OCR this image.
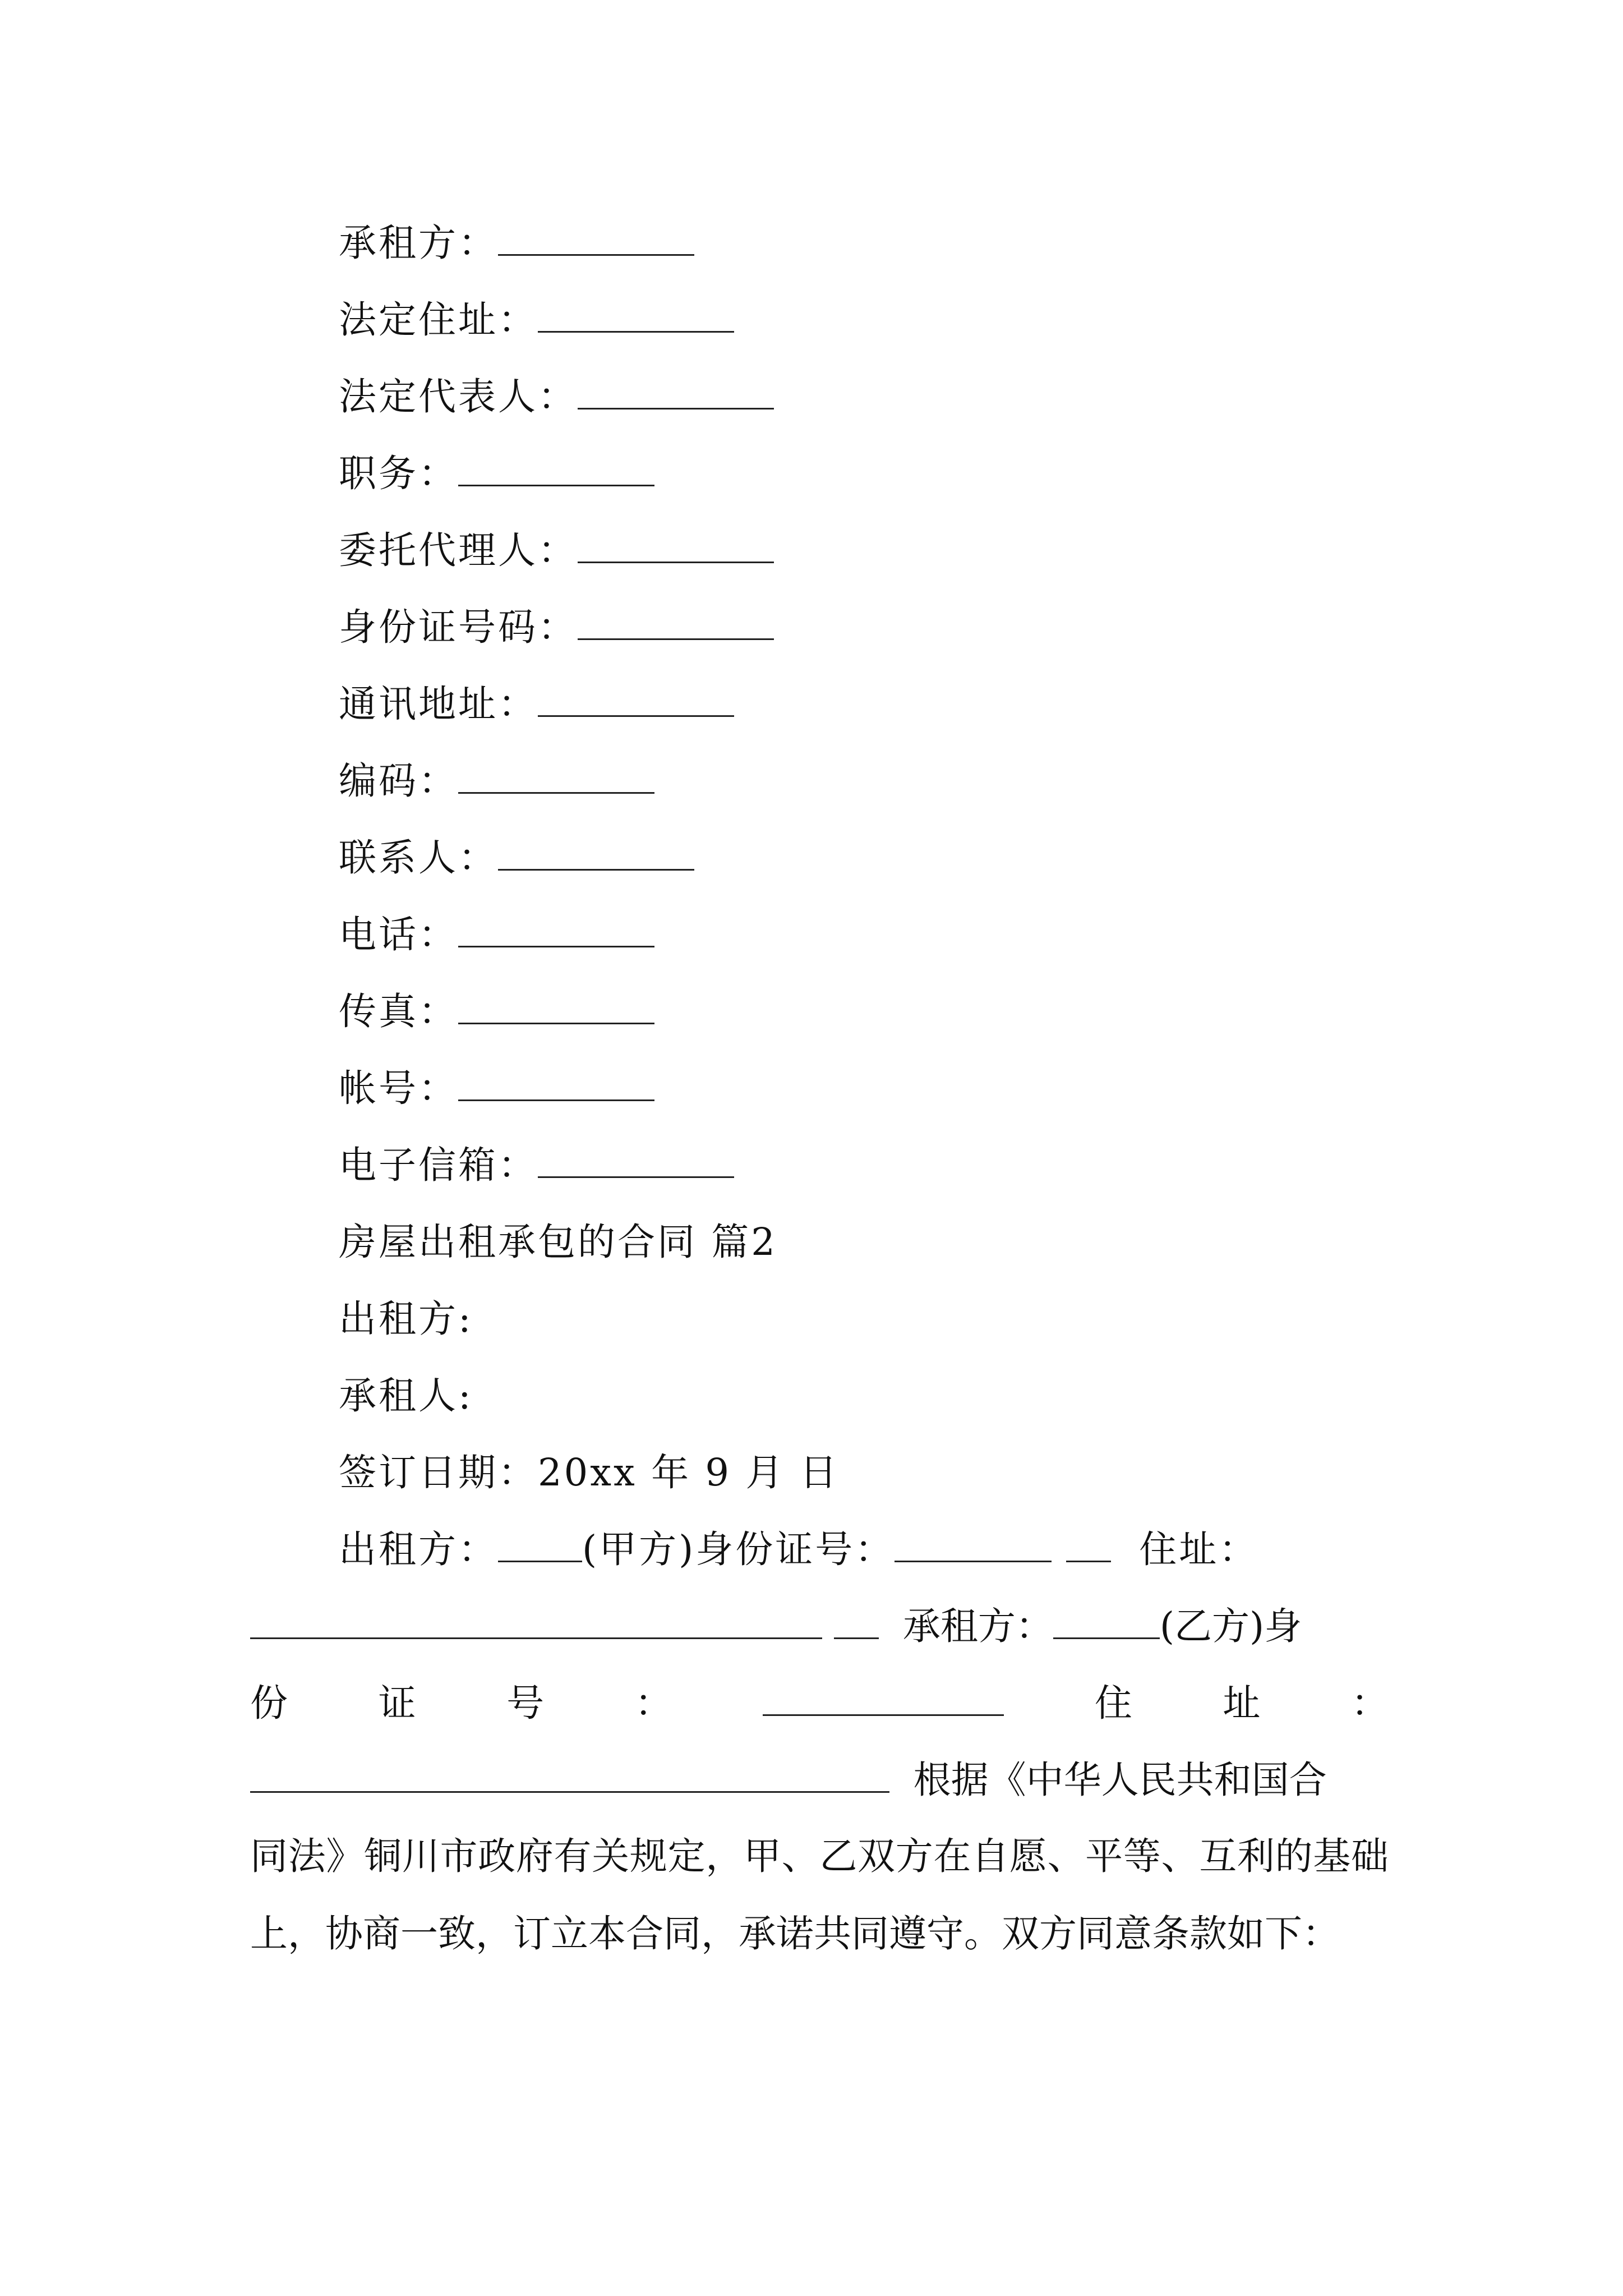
承租方：
法定住址：
法定代表人：
职务：
委托代理人：
身份证号码：
通讯地址：
编码：
联系人：
电话：
传真：
帐号：
电子信箱：
房屋出租承包的合同 篇2
出租方:
承租人:
签订日期：20xx 年 9 月 日
出租方： (甲方)身份证号：	住址：
承租方：	(乙方)身
份 证 号 ：	住 址 ：
根据《中华人民共和国合
同法》铜川市政府有关规定，甲、乙双方在自愿、平等、互利的基础上，协商一致，订立本合同，承诺共同遵守。双方同意条款如下：
